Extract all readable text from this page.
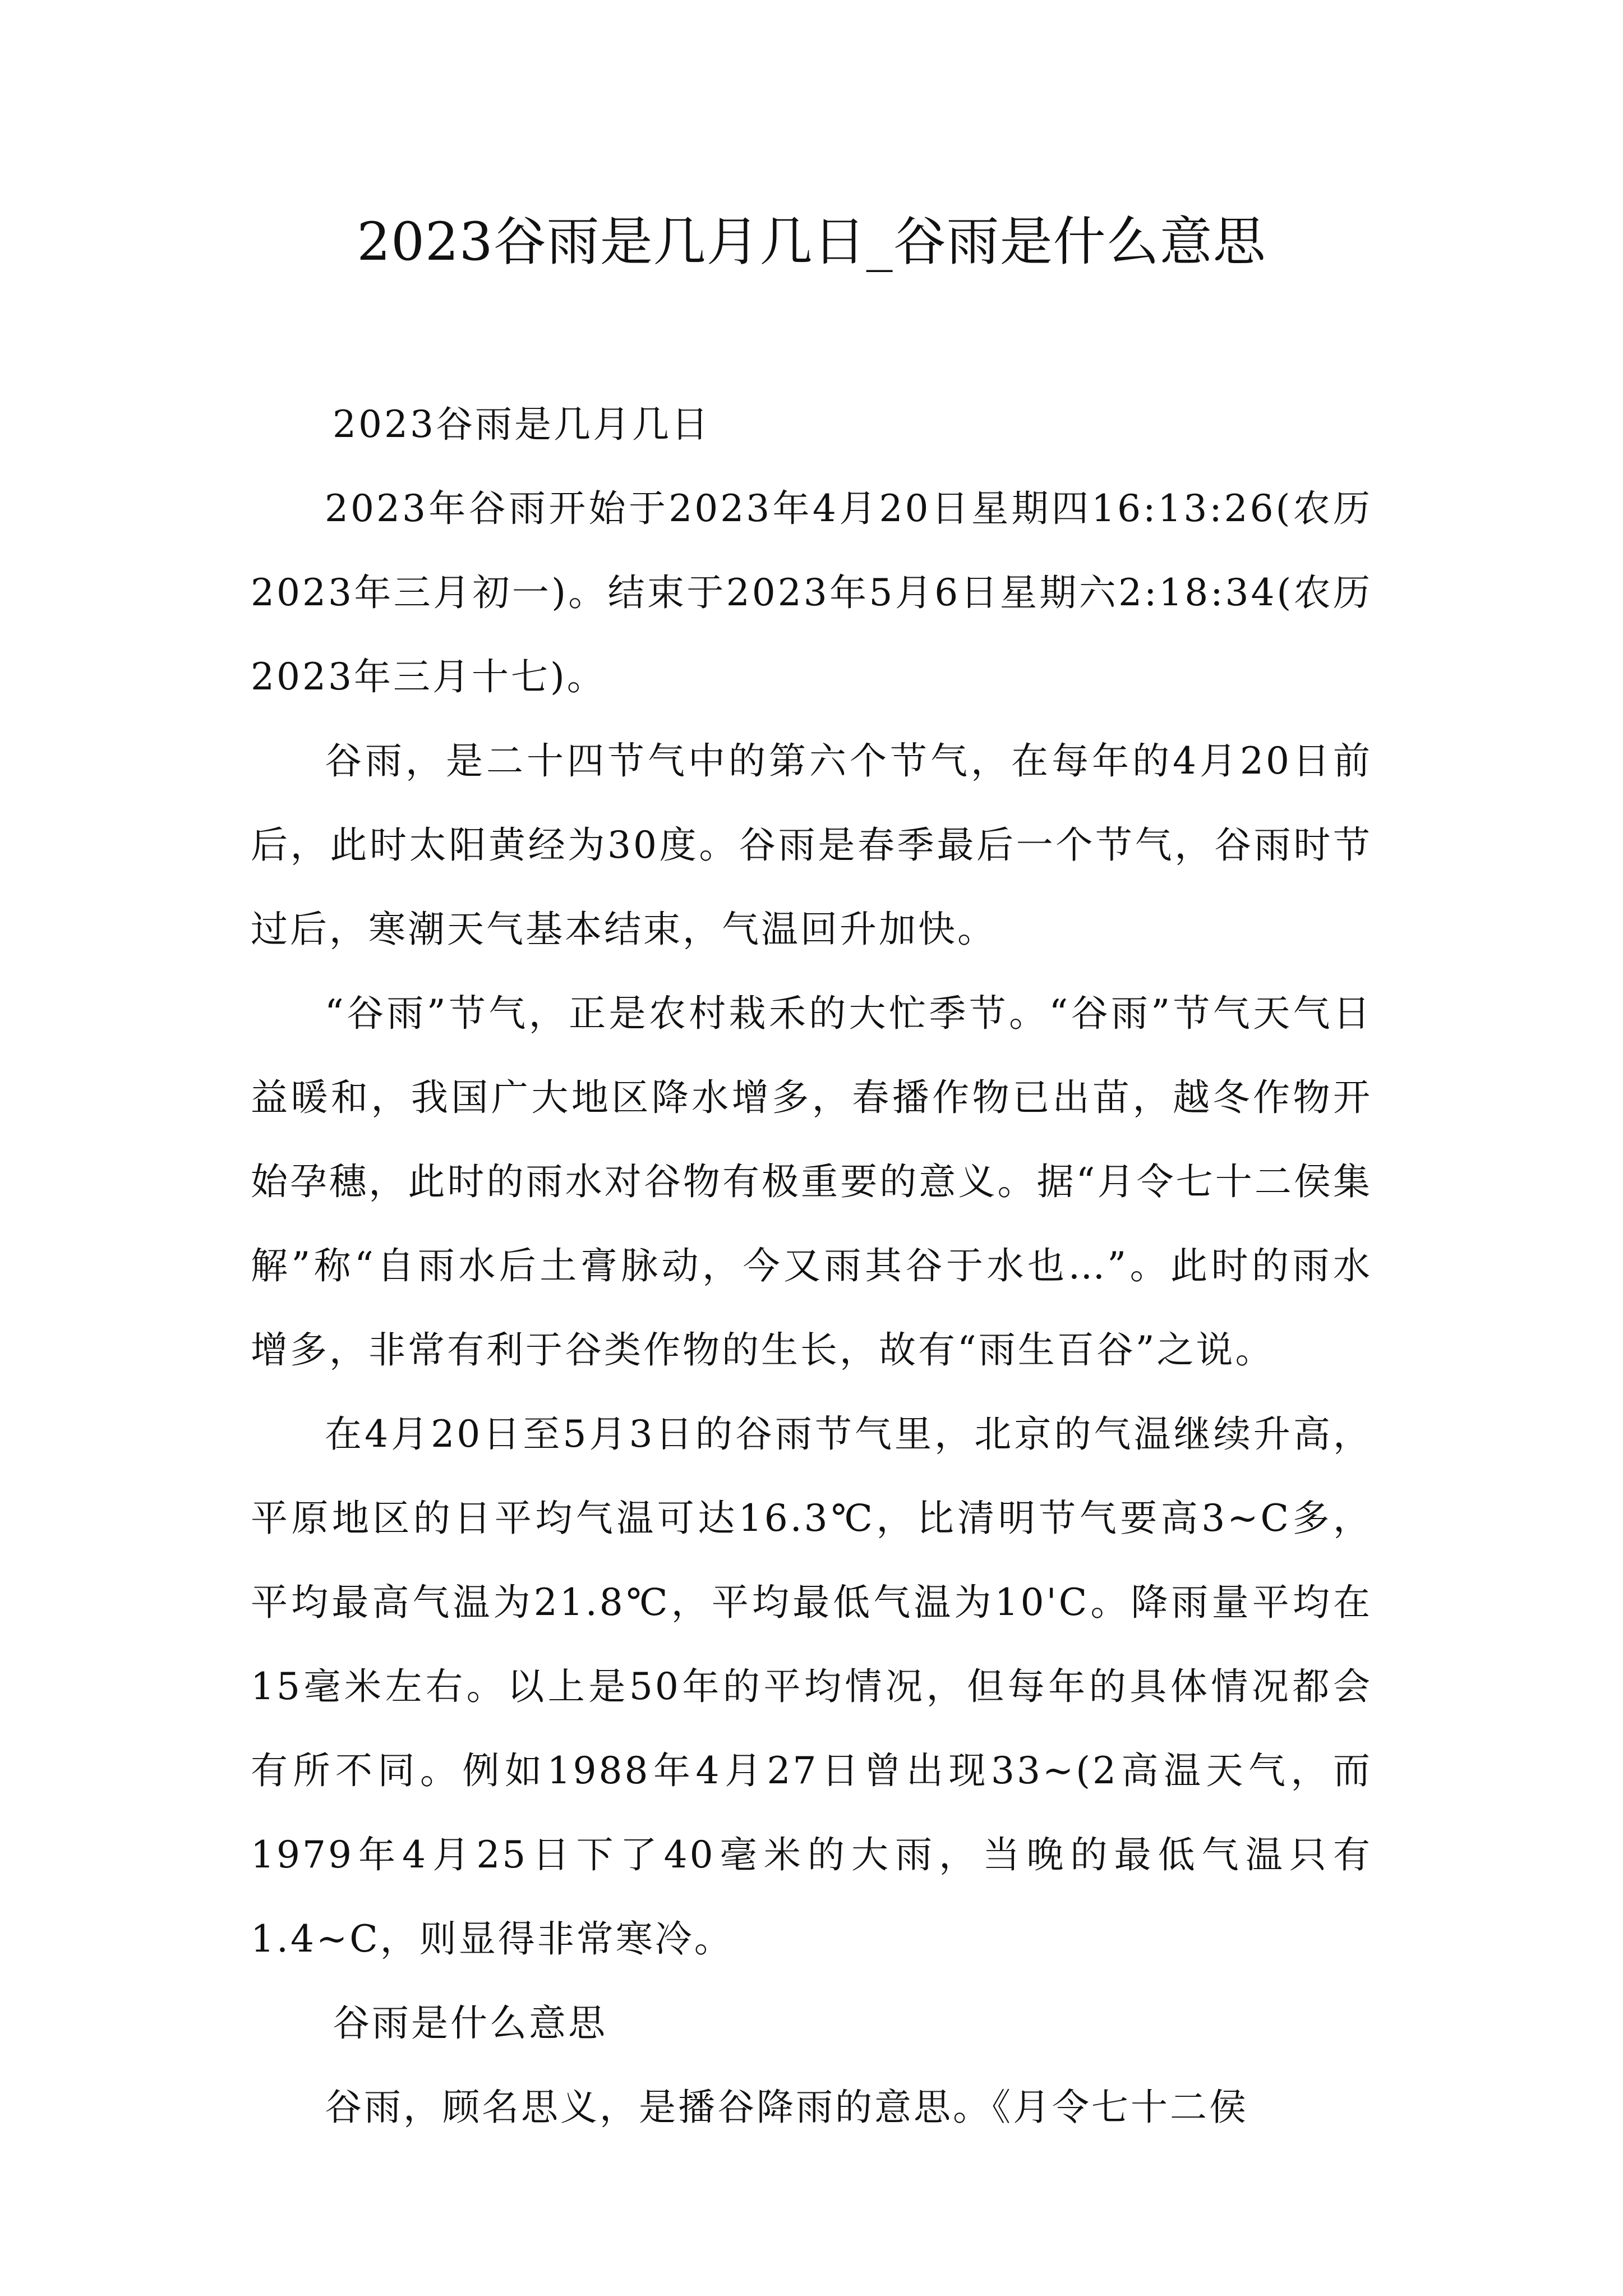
2023谷雨是几月几日_谷雨是什么意思

2023谷雨是几月几日

2023年谷雨开始于2023年4月20日星期四16:13:26(农历2023年三月初一)。结束于2023年5月6日星期六2:18:34(农历2023年三月十七)。

谷雨，是二十四节气中的第六个节气，在每年的4月20日前后，此时太阳黄经为30度。谷雨是春季最后一个节气，谷雨时节过后，寒潮天气基本结束，气温回升加快。

“谷雨”节气，正是农村栽禾的大忙季节。“谷雨”节气天气日益暖和，我国广大地区降水增多，春播作物已出苗，越冬作物开始孕穗，此时的雨水对谷物有极重要的意义。据“月令七十二侯集解”称“自雨水后土膏脉动，今又雨其谷于水也…”。此时的雨水增多，非常有利于谷类作物的生长，故有“雨生百谷”之说。

在4月20日至5月3日的谷雨节气里，北京的气温继续升高，平原地区的日平均气温可达16.3℃，比清明节气要高3~C多，平均最高气温为21.8℃，平均最低气温为10'C。降雨量平均在15毫米左右。以上是50年的平均情况，但每年的具体情况都会有所不同。例如1988年4月27日曾出现33~(2高温天气，而1979年4月25日下了40毫米的大雨，当晚的最低气温只有1.4~C，则显得非常寒冷。

谷雨是什么意思

谷雨，顾名思义，是播谷降雨的意思。《月令七十二侯
